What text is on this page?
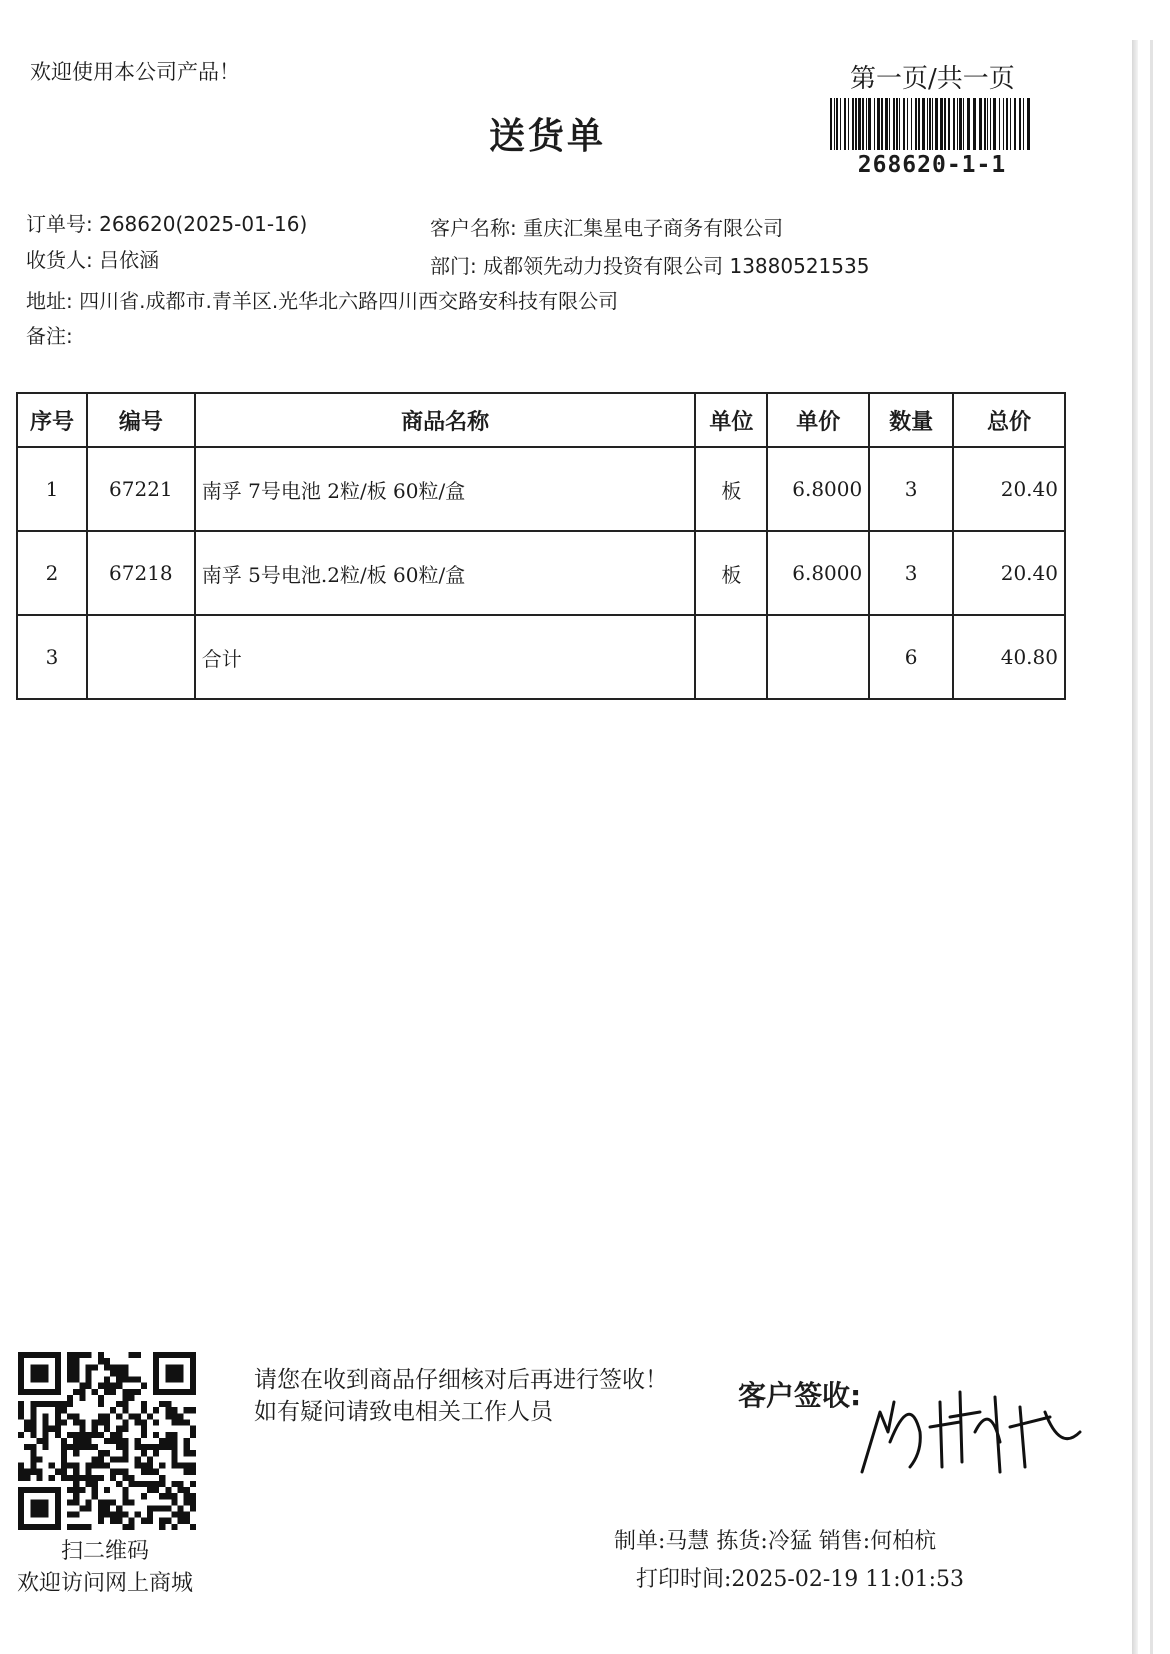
欢迎使用本公司产品！	第一页/共一页
送货单
268620-1-1
订单号: 268620(2025-01-16)	客户名称: 重庆汇集星电子商务有限公司
收货人: 吕依涵	部门: 成都领先动力投资有限公司 13880521535
地址: 四川省.成都市.青羊区.光华北六路四川西交路安科技有限公司
备注:
序号	编号	商品名称	单位	单价	数量	总价
1	67221	南孚 7号电池 2粒/板 60粒/盒	板	6.8000	3	20.40
2	67218	南孚 5号电池.2粒/板 60粒/盒	板	6.8000	3	20.40
3		合计			6	40.80
扫二维码
欢迎访问网上商城
请您在收到商品仔细核对后再进行签收！如有疑问请致电相关工作人员	客户签收:
制单:马慧 拣货:冷猛 销售:何柏杭
打印时间:2025-02-19 11:01:53
